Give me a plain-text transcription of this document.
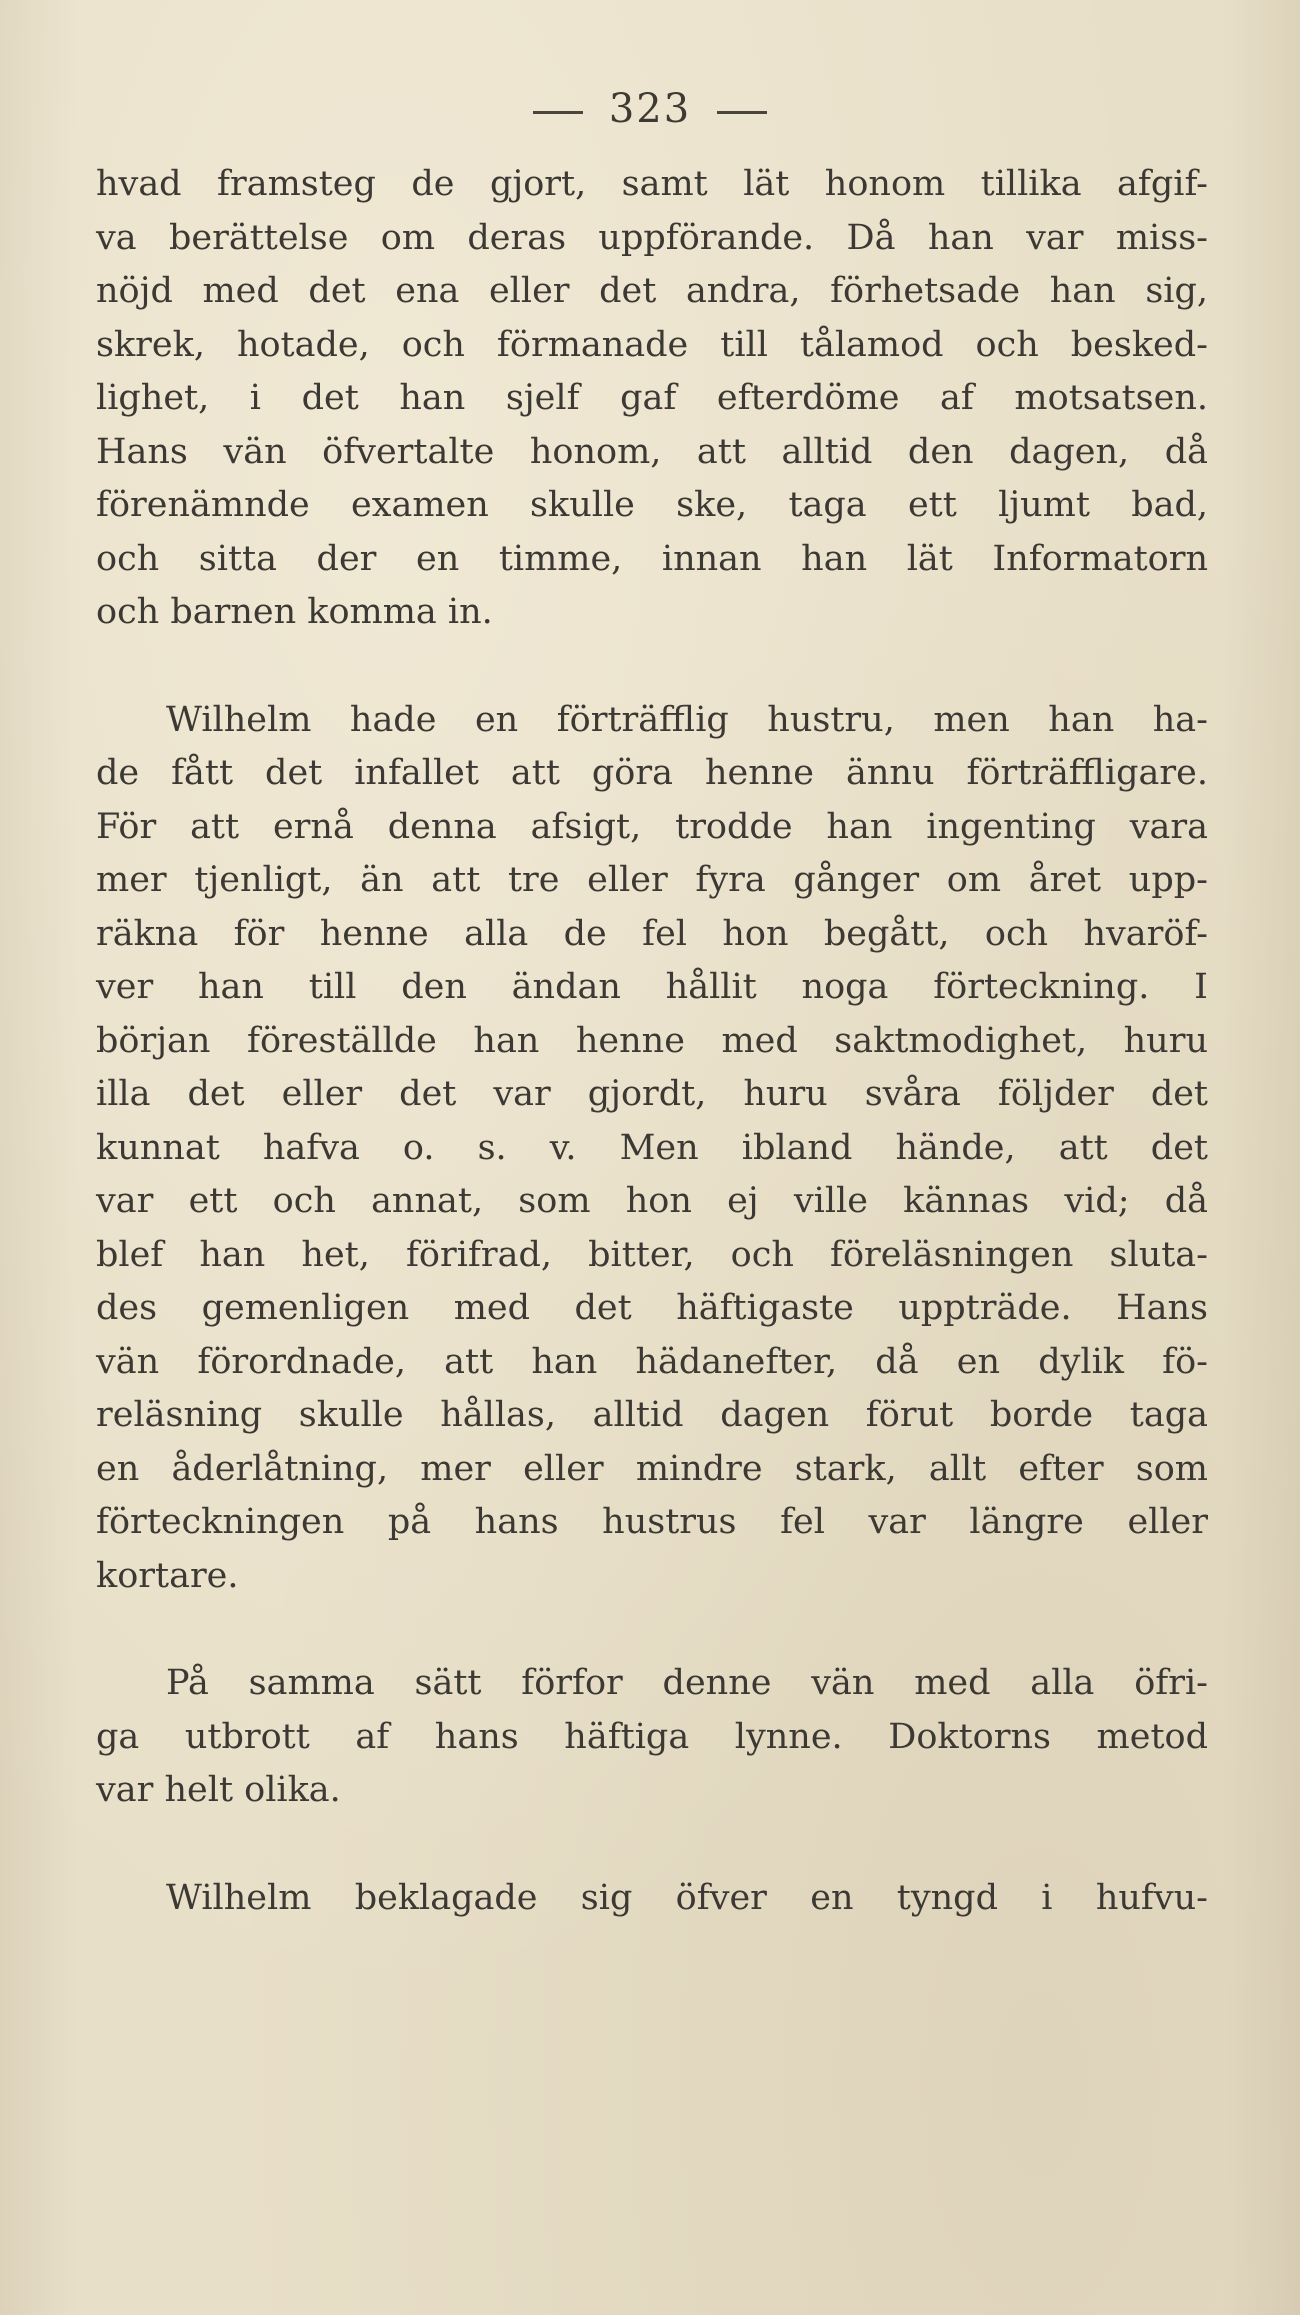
323

hvad framsteg de gjort, samt lät honom tillika afgif-
va berättelse om deras uppförande. Då han var miss-
nöjd med det ena eller det andra, förhetsade han sig,
skrek, hotade, och förmanade till tålamod och besked-
lighet, i det han sjelf gaf efterdöme af motsatsen.
Hans vän öfvertalte honom, att alltid den dagen, då
förenämnde examen skulle ske, taga ett ljumt bad,
och sitta der en timme, innan han lät Informatorn
och barnen komma in.

Wilhelm hade en förträfflig hustru, men han ha-
de fått det infallet att göra henne ännu förträffligare.
För att ernå denna afsigt, trodde han ingenting vara
mer tjenligt, än att tre eller fyra gånger om året upp-
räkna för henne alla de fel hon begått, och hvaröf-
ver han till den ändan hållit noga förteckning. I
början föreställde han henne med saktmodighet, huru
illa det eller det var gjordt, huru svåra följder det
kunnat hafva o. s. v. Men ibland hände, att det
var ett och annat, som hon ej ville kännas vid; då
blef han het, förifrad, bitter, och föreläsningen sluta-
des gemenligen med det häftigaste uppträde. Hans
vän förordnade, att han hädanefter, då en dylik fö-
reläsning skulle hållas, alltid dagen förut borde taga
en åderlåtning, mer eller mindre stark, allt efter som
förteckningen på hans hustrus fel var längre eller
kortare.

På samma sätt förfor denne vän med alla öfri-
ga utbrott af hans häftiga lynne. Doktorns metod
var helt olika.

Wilhelm beklagade sig öfver en tyngd i hufvu-
